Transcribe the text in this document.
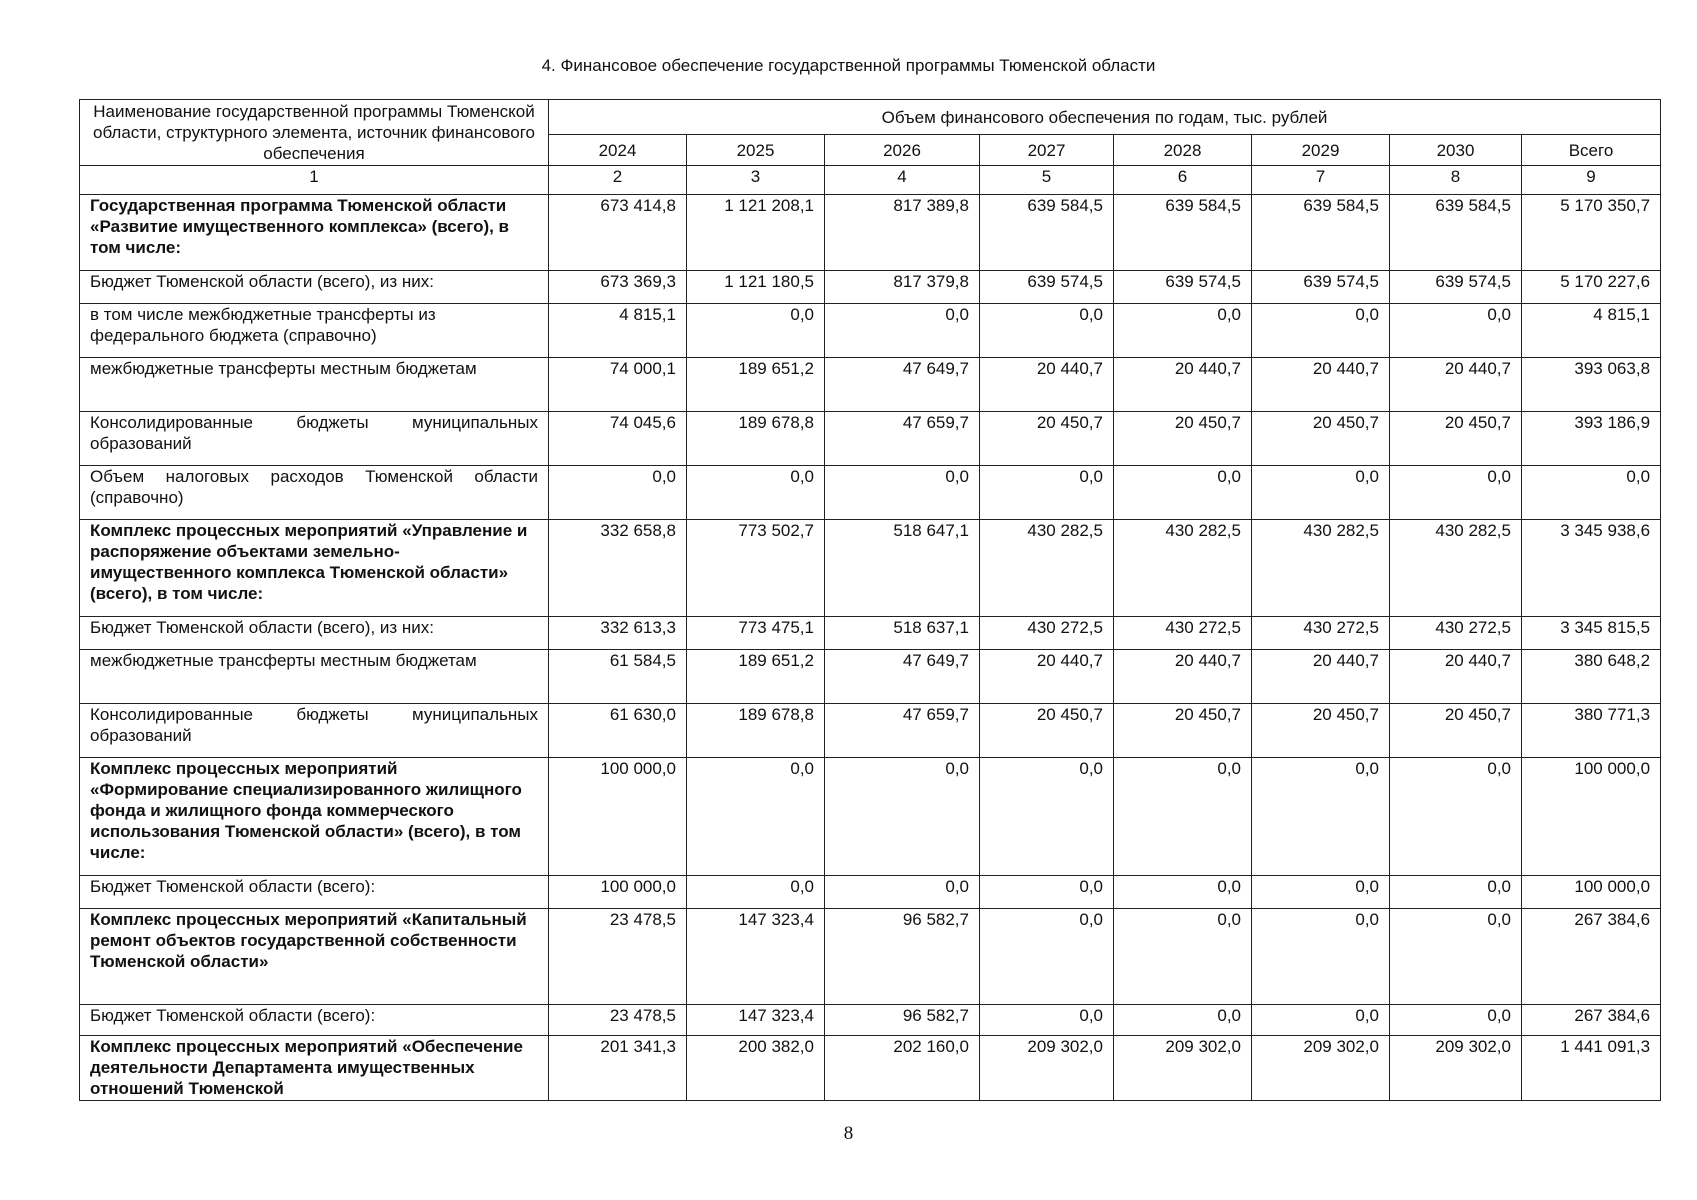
4. Финансовое обеспечение государственной программы Тюменской области
Наименование государственной программы Тюменской области, структурного элемента, источник финансового обеспечения	Объем финансового обеспечения по годам, тыс. рублей							
	2024	2025	2026	2027	2028	2029	2030	Всего
1	2	3	4	5	6	7	8	9
Государственная программа Тюменской области «Развитие имущественного комплекса» (всего), в том числе:	673 414,8	1 121 208,1	817 389,8	639 584,5	639 584,5	639 584,5	639 584,5	5 170 350,7
Бюджет Тюменской области (всего), из них:	673 369,3	1 121 180,5	817 379,8	639 574,5	639 574,5	639 574,5	639 574,5	5 170 227,6
в том числе межбюджетные трансферты из федерального бюджета (справочно)	4 815,1	0,0	0,0	0,0	0,0	0,0	0,0	4 815,1
межбюджетные трансферты местным бюджетам	74 000,1	189 651,2	47 649,7	20 440,7	20 440,7	20 440,7	20 440,7	393 063,8
Консолидированные бюджеты муниципальных образований	74 045,6	189 678,8	47 659,7	20 450,7	20 450,7	20 450,7	20 450,7	393 186,9
Объем налоговых расходов Тюменской области (справочно)	0,0	0,0	0,0	0,0	0,0	0,0	0,0	0,0
Комплекс процессных мероприятий «Управление и распоряжение объектами земельно-имущественного комплекса Тюменской области» (всего), в том числе:	332 658,8	773 502,7	518 647,1	430 282,5	430 282,5	430 282,5	430 282,5	3 345 938,6
Бюджет Тюменской области (всего), из них:	332 613,3	773 475,1	518 637,1	430 272,5	430 272,5	430 272,5	430 272,5	3 345 815,5
межбюджетные трансферты местным бюджетам	61 584,5	189 651,2	47 649,7	20 440,7	20 440,7	20 440,7	20 440,7	380 648,2
Консолидированные бюджеты муниципальных образований	61 630,0	189 678,8	47 659,7	20 450,7	20 450,7	20 450,7	20 450,7	380 771,3
Комплекс процессных мероприятий «Формирование специализированного жилищного фонда и жилищного фонда коммерческого использования Тюменской области» (всего), в том числе:	100 000,0	0,0	0,0	0,0	0,0	0,0	0,0	100 000,0
Бюджет Тюменской области (всего):	100 000,0	0,0	0,0	0,0	0,0	0,0	0,0	100 000,0
Комплекс процессных мероприятий «Капитальный ремонт объектов государственной собственности Тюменской области»	23 478,5	147 323,4	96 582,7	0,0	0,0	0,0	0,0	267 384,6
Бюджет Тюменской области (всего):	23 478,5	147 323,4	96 582,7	0,0	0,0	0,0	0,0	267 384,6
Комплекс процессных мероприятий «Обеспечение деятельности Департамента имущественных отношений Тюменской	201 341,3	200 382,0	202 160,0	209 302,0	209 302,0	209 302,0	209 302,0	1 441 091,3
8
